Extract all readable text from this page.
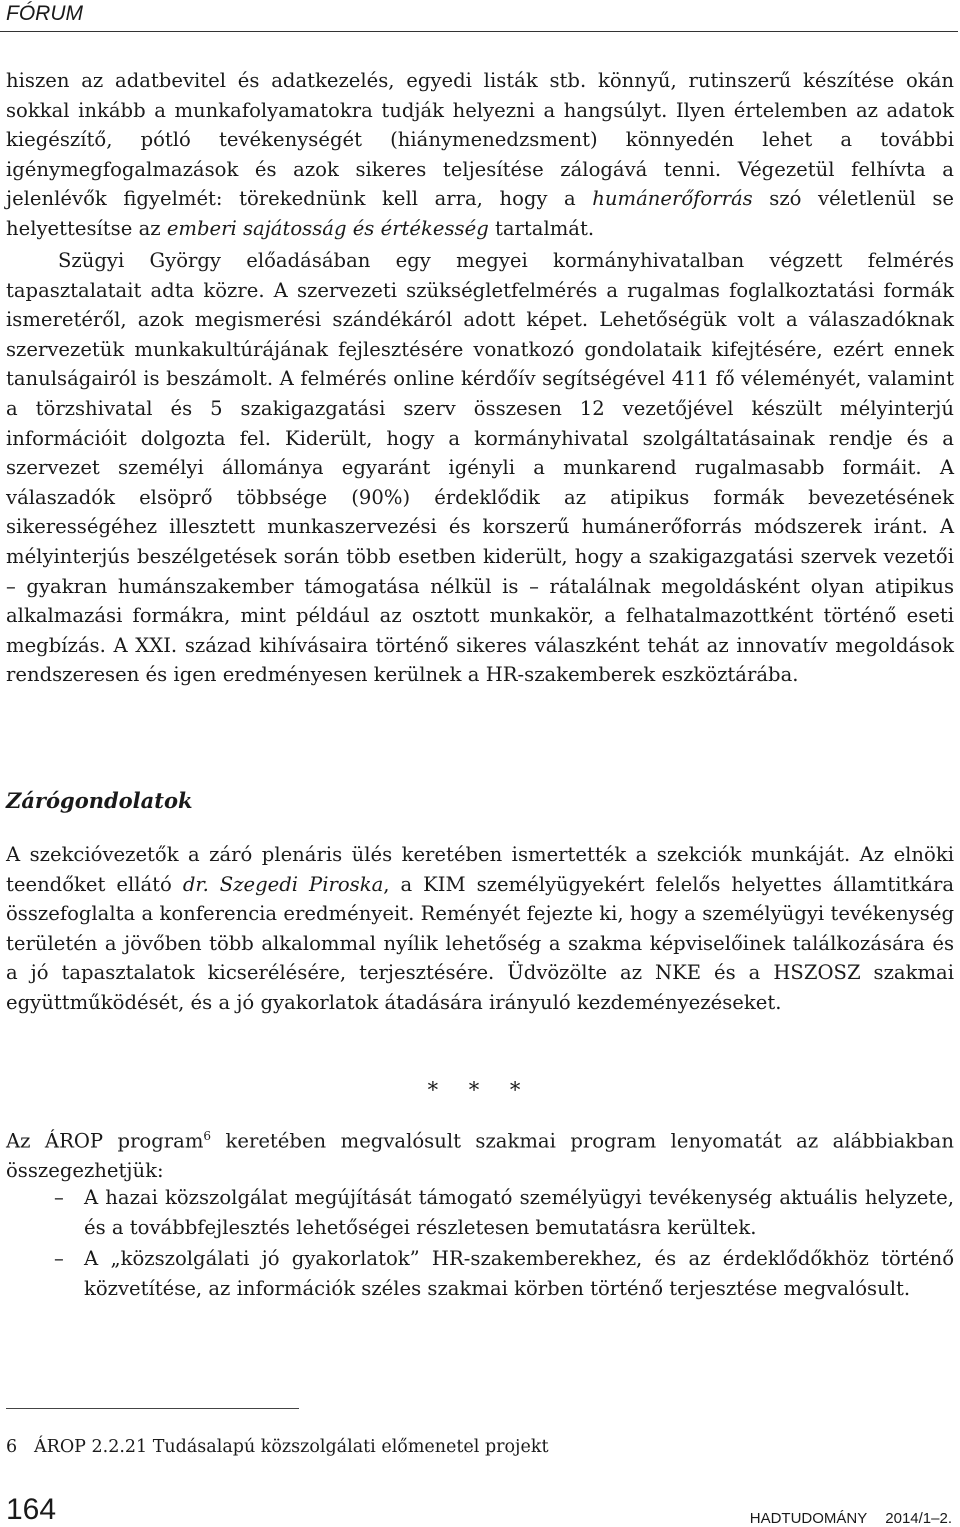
FÓRUM

hiszen az adatbevitel és adatkezelés, egyedi listák stb. könnyű, rutinszerű készítése okán sokkal inkább a munkafolyamatokra tudják helyezni a hangsúlyt. Ilyen értelemben az adatok kiegészítő, pótló tevékenységét (hiánymenedzsment) könnyedén lehet a további igénymegfogalmazások és azok sikeres teljesítése zálogává tenni. Végezetül felhívta a jelenlévők figyelmét: törekednünk kell arra, hogy a humánerőforrás szó véletlenül se helyettesítse az emberi sajátosság és értékesség tartalmát.

Szügyi György előadásában egy megyei kormányhivatalban végzett felmérés tapasztalatait adta közre. A szervezeti szükségletfelmérés a rugalmas foglalkoztatási formák ismeretéről, azok megismerési szándékáról adott képet. Lehetőségük volt a válaszadóknak szervezetük munkakultúrájának fejlesztésére vonatkozó gondolataik kifejtésére, ezért ennek tanulságairól is beszámolt. A felmérés online kérdőív segítségével 411 fő véleményét, valamint a törzshivatal és 5 szakigazgatási szerv összesen 12 vezetőjével készült mélyinterjú információit dolgozta fel. Kiderült, hogy a kormányhivatal szolgáltatásainak rendje és a szervezet személyi állománya egyaránt igényli a munkarend rugalmasabb formáit. A válaszadók elsöprő többsége (90%) érdeklődik az atipikus formák bevezetésének sikerességéhez illesztett munkaszervezési és korszerű humánerőforrás módszerek iránt. A mélyinterjús beszélgetések során több esetben kiderült, hogy a szakigazgatási szervek vezetői – gyakran humánszakember támogatása nélkül is – rátalálnak megoldásként olyan atipikus alkalmazási formákra, mint például az osztott munkakör, a felhatalmazottként történő eseti megbízás. A XXI. század kihívásaira történő sikeres válaszként tehát az innovatív megoldások rendszeresen és igen eredményesen kerülnek a HR-szakemberek eszköztárába.

Zárógondolatok

A szekcióvezetők a záró plenáris ülés keretében ismertették a szekciók munkáját. Az elnöki teendőket ellátó dr. Szegedi Piroska, a KIM személyügyekért felelős helyettes államtitkára összefoglalta a konferencia eredményeit. Reményét fejezte ki, hogy a személyügyi tevékenység területén a jövőben több alkalommal nyílik lehetőség a szakma képviselőinek találkozására és a jó tapasztalatok kicserélésére, terjesztésére. Üdvözölte az NKE és a HSZOSZ szakmai együttműködését, és a jó gyakorlatok átadására irányuló kezdeményezéseket.

* * *

Az ÁROP program$^6$ keretében megvalósult szakmai program lenyomatát az alábbiakban összegezhetjük:

– A hazai közszolgálat megújítását támogató személyügyi tevékenység aktuális helyzete, és a továbbfejlesztés lehetőségei részletesen bemutatásra kerültek.
– A „közszolgálati jó gyakorlatok” HR-szakemberekhez, és az érdeklődőkhöz történő közvetítése, az információk széles szakmai körben történő terjesztése megvalósult.
6 ÁROP 2.2.21 Tudásalapú közszolgálati előmenetel projekt
164	HADTUDOMÁNY 2014/1–2.
